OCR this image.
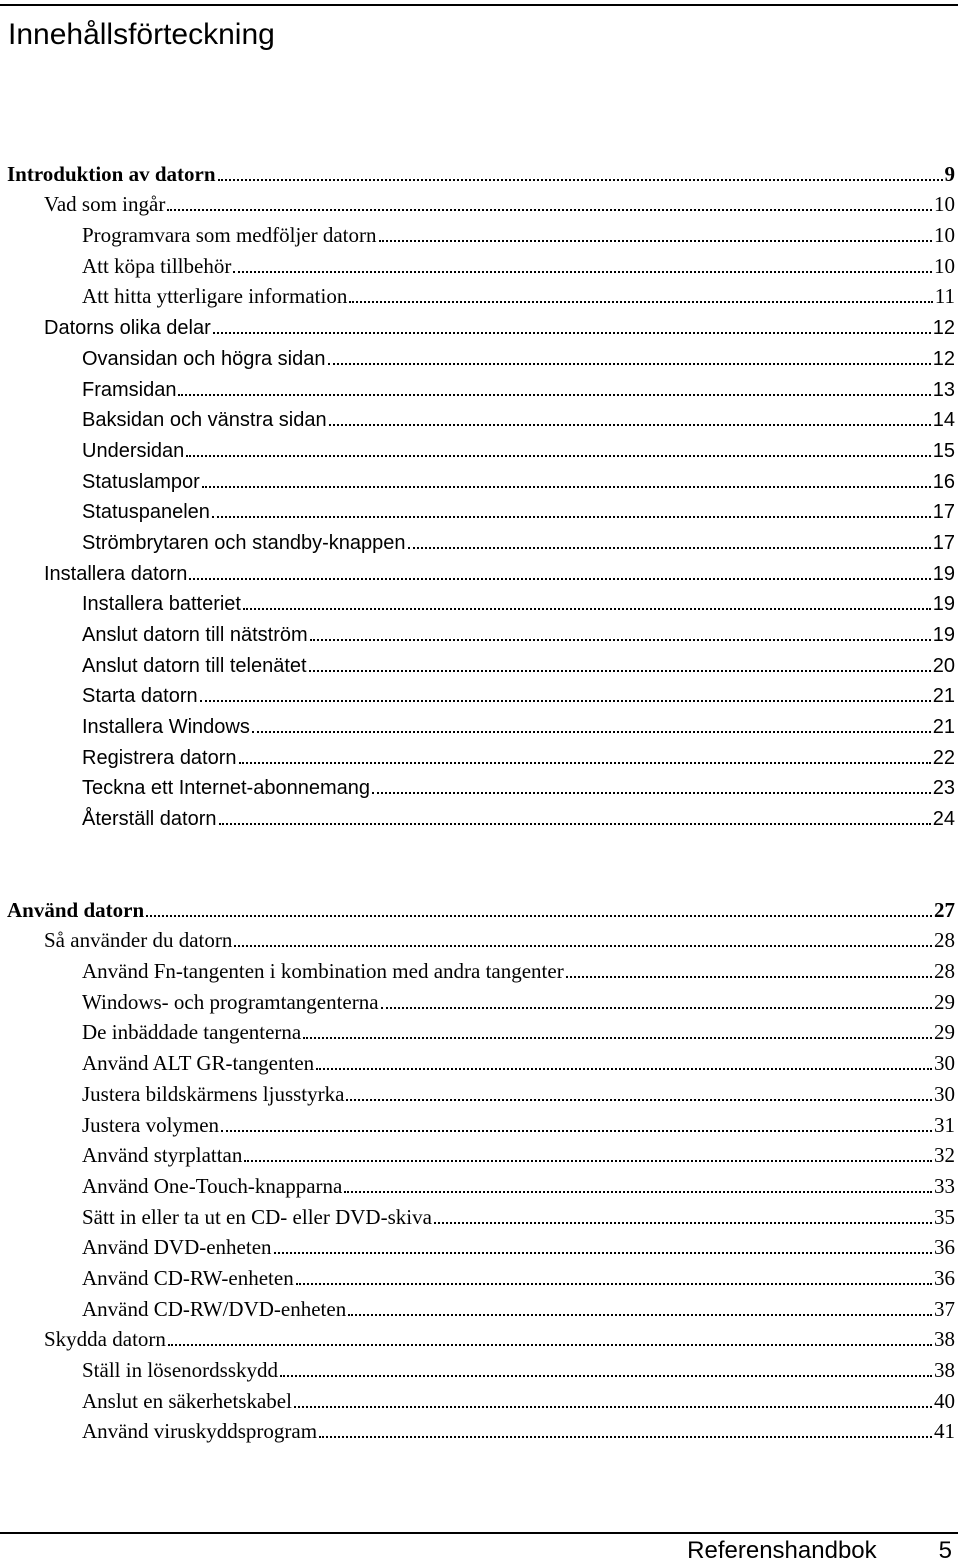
Innehållsförteckning
Introduktion av datorn	9
Vad som ingår	10
Programvara som medföljer datorn	10
Att köpa tillbehör	10
Att hitta ytterligare information	11
Datorns olika delar	12
Ovansidan och högra sidan	12
Framsidan	13
Baksidan och vänstra sidan	14
Undersidan	15
Statuslampor	16
Statuspanelen	17
Strömbrytaren och standby-knappen	17
Installera datorn	19
Installera batteriet	19
Anslut datorn till nätström	19
Anslut datorn till telenätet	20
Starta datorn	21
Installera Windows	21
Registrera datorn	22
Teckna ett Internet-abonnemang	23
Återställ datorn	24
Använd datorn	27
Så använder du datorn	28
Använd Fn-tangenten i kombination med andra tangenter	28
Windows- och programtangenterna	29
De inbäddade tangenterna	29
Använd ALT GR-tangenten	30
Justera bildskärmens ljusstyrka	30
Justera volymen	31
Använd styrplattan	32
Använd One-Touch-knapparna	33
Sätt in eller ta ut en CD- eller DVD-skiva	35
Använd DVD-enheten	36
Använd CD-RW-enheten	36
Använd CD-RW/DVD-enheten	37
Skydda datorn	38
Ställ in lösenordsskydd	38
Anslut en säkerhetskabel	40
Använd viruskyddsprogram	41
Referenshandbok	5
